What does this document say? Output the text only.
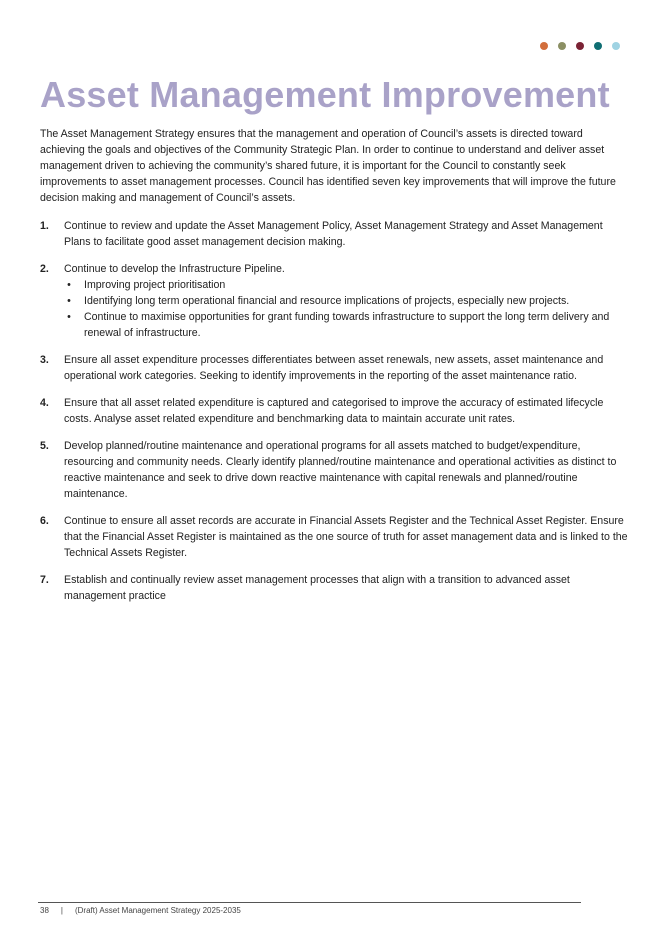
Asset Management Improvement

The Asset Management Strategy ensures that the management and operation of Council’s assets is directed toward achieving the goals and objectives of the Community Strategic Plan. In order to continue to understand and deliver asset management driven to achieving the community’s shared future, it is important for the Council to constantly seek improvements to asset management processes. Council has identified seven key improvements that will improve the future decision making and management of Council’s assets.

1. Continue to review and update the Asset Management Policy, Asset Management Strategy and Asset Management Plans to facilitate good asset management decision making.
2. Continue to develop the Infrastructure Pipeline.
• Improving project prioritisation
• Identifying long term operational financial and resource implications of projects, especially new projects.
• Continue to maximise opportunities for grant funding towards infrastructure to support the long term delivery and renewal of infrastructure.
3. Ensure all asset expenditure processes differentiates between asset renewals, new assets, asset maintenance and operational work categories. Seeking to identify improvements in the reporting of the asset maintenance ratio.
4. Ensure that all asset related expenditure is captured and categorised to improve the accuracy of estimated lifecycle costs. Analyse asset related expenditure and benchmarking data to maintain accurate unit rates.
5. Develop planned/routine maintenance and operational programs for all assets matched to budget/expenditure, resourcing and community needs. Clearly identify planned/routine maintenance and operational activities as distinct to reactive maintenance and seek to drive down reactive maintenance with capital renewals and planned/routine maintenance.
6. Continue to ensure all asset records are accurate in Financial Assets Register and the Technical Asset Register. Ensure that the Financial Asset Register is maintained as the one source of truth for asset management data and is linked to the Technical Assets Register.
7. Establish and continually review asset management processes that align with a transition to advanced asset management practice
38 | (Draft) Asset Management Strategy 2025-2035
